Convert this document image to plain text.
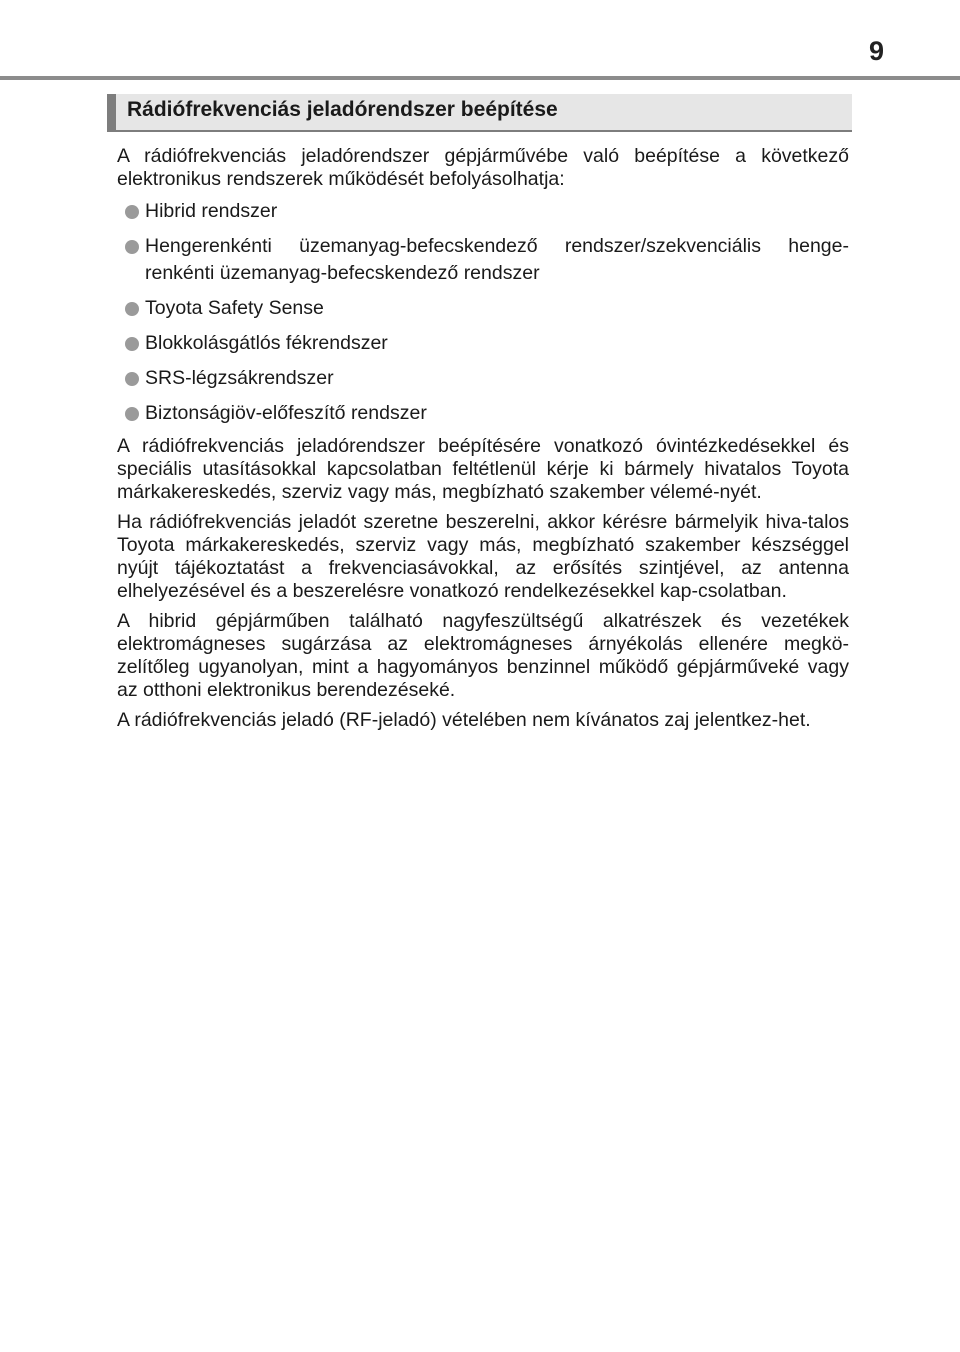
9
Rádiófrekvenciás jeladórendszer beépítése

A rádiófrekvenciás jeladórendszer gépjárművébe való beépítése a következő elektronikus rendszerek működését befolyásolhatja:

Hibrid rendszer
Hengerenkénti üzemanyag-befecskendező rendszer/szekvenciális henge-renkénti üzemanyag-befecskendező rendszer
Toyota Safety Sense
Blokkolásgátlós fékrendszer
SRS-légzsákrendszer
Biztonságiöv-előfeszítő rendszer

A rádiófrekvenciás jeladórendszer beépítésére vonatkozó óvintézkedésekkel és speciális utasításokkal kapcsolatban feltétlenül kérje ki bármely hivatalos Toyota márkakereskedés, szerviz vagy más, megbízható szakember vélemé-nyét.

Ha rádiófrekvenciás jeladót szeretne beszerelni, akkor kérésre bármelyik hiva-talos Toyota márkakereskedés, szerviz vagy más, megbízható szakember készséggel nyújt tájékoztatást a frekvenciasávokkal, az erősítés szintjével, az antenna elhelyezésével és a beszerelésre vonatkozó rendelkezésekkel kap-csolatban.

A hibrid gépjárműben található nagyfeszültségű alkatrészek és vezetékek elektromágneses sugárzása az elektromágneses árnyékolás ellenére megkö-zelítőleg ugyanolyan, mint a hagyományos benzinnel működő gépjárműveké vagy az otthoni elektronikus berendezéseké.

A rádiófrekvenciás jeladó (RF-jeladó) vételében nem kívánatos zaj jelentkez-het.
